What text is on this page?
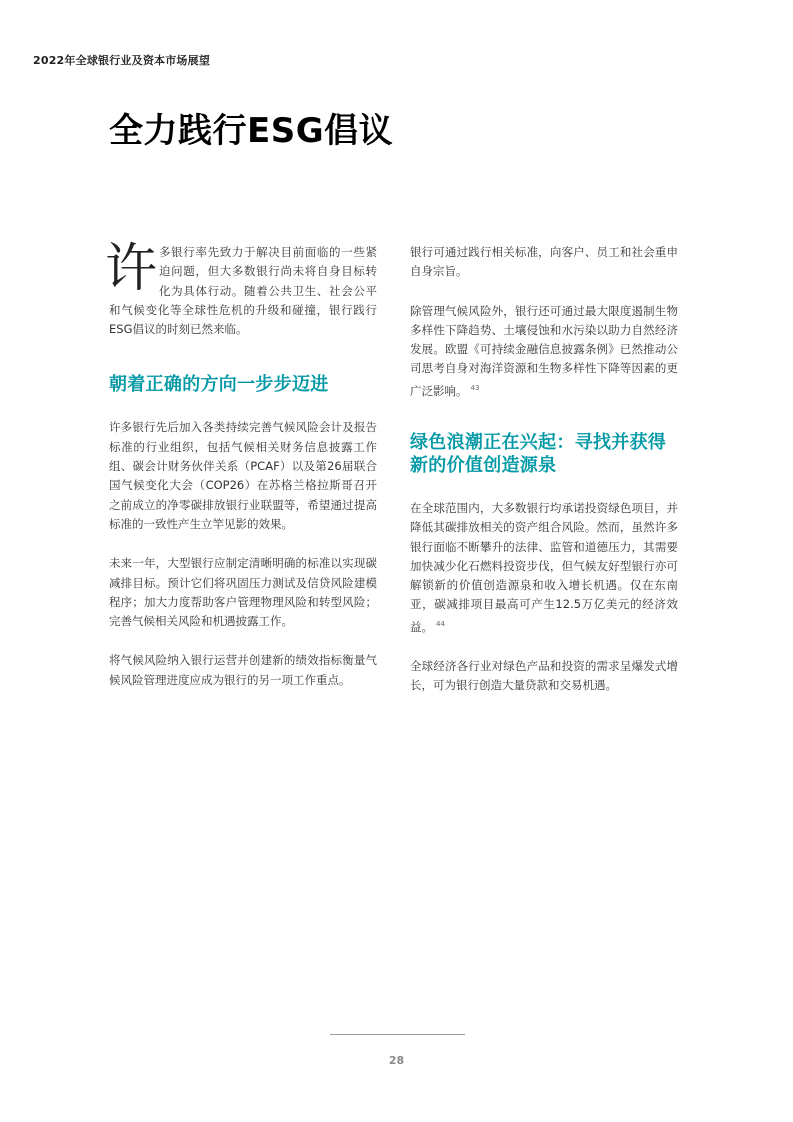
2022年全球银行业及资本市场展望
全力践行ESG倡议
许 多银行率先致力于解决目前面临的一些紧迫问题，但大多数银行尚未将自身目标转化为具体行动。随着公共卫生、社会公平和气候变化等全球性危机的升级和碰撞，银行践行ESG倡议的时刻已然来临。

朝着正确的方向一步步迈进

许多银行先后加入各类持续完善气候风险会计及报告标准的行业组织，包括气候相关财务信息披露工作组、碳会计财务伙伴关系（PCAF）以及第26届联合国气候变化大会（COP26）在苏格兰格拉斯哥召开之前成立的净零碳排放银行业联盟等，希望通过提高标准的一致性产生立竿见影的效果。

未来一年，大型银行应制定清晰明确的标准以实现碳减排目标。预计它们将巩固压力测试及信贷风险建模程序；加大力度帮助客户管理物理风险和转型风险；完善气候相关风险和机遇披露工作。

将气候风险纳入银行运营并创建新的绩效指标衡量气候风险管理进度应成为银行的另一项工作重点。

银行可通过践行相关标准，向客户、员工和社会重申自身宗旨。

除管理气候风险外，银行还可通过最大限度遏制生物多样性下降趋势、土壤侵蚀和水污染以助力自然经济发展。欧盟《可持续金融信息披露条例》已然推动公司思考自身对海洋资源和生物多样性下降等因素的更广泛影响。 $^{43}$

绿色浪潮正在兴起：寻找并获得新的价值创造源泉

在全球范围内，大多数银行均承诺投资绿色项目，并降低其碳排放相关的资产组合风险。然而，虽然许多银行面临不断攀升的法律、监管和道德压力，其需要加快减少化石燃料投资步伐，但气候友好型银行亦可解锁新的价值创造源泉和收入增长机遇。仅在东南亚，碳减排项目最高可产生12.5万亿美元的经济效益。 $^{44}$

全球经济各行业对绿色产品和投资的需求呈爆发式增长，可为银行创造大量贷款和交易机遇。

28
